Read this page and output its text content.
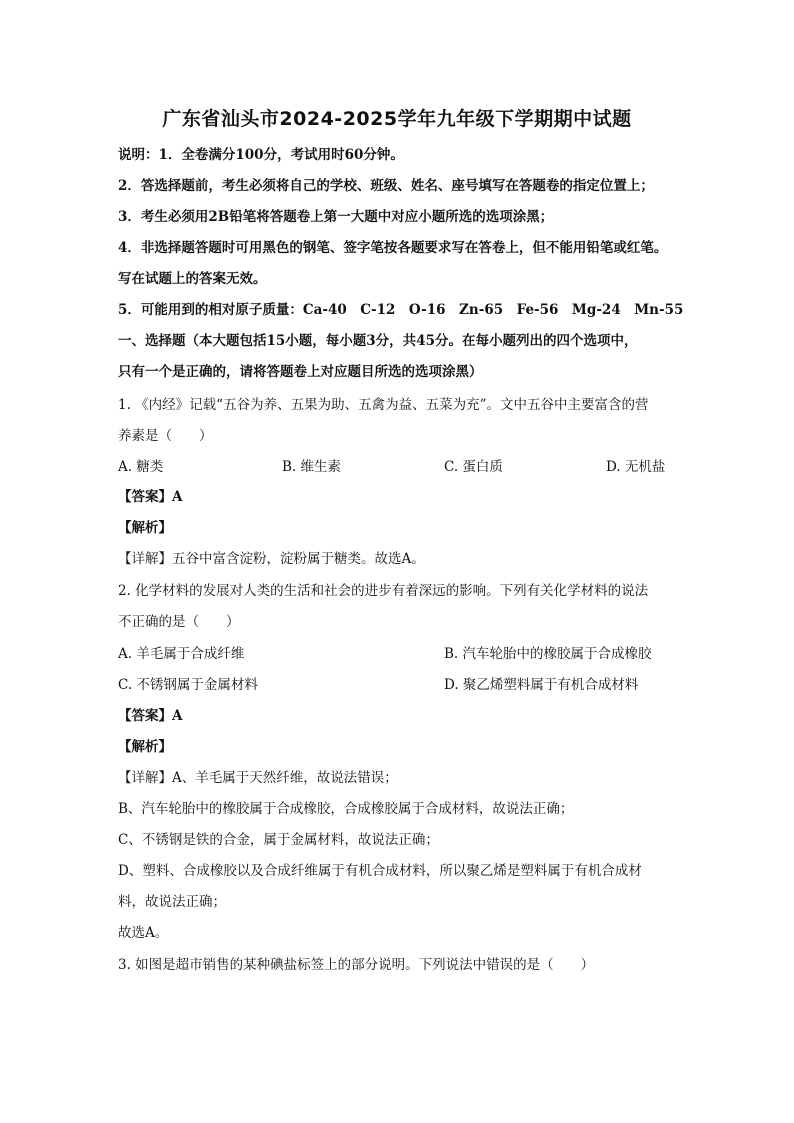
广东省汕头市2024-2025学年九年级下学期期中试题
说明：1．全卷满分100分，考试用时60分钟。
2．答选择题前，考生必须将自己的学校、班级、姓名、座号填写在答题卷的指定位置上；
3．考生必须用2B铅笔将答题卷上第一大题中对应小题所选的选项涂黑；
4．非选择题答题时可用黑色的钢笔、签字笔按各题要求写在答卷上，但不能用铅笔或红笔。
写在试题上的答案无效。
5．可能用到的相对原子质量：Ca-40　C-12　O-16　Zn-65　Fe-56　Mg-24　Mn-55
一、选择题（本大题包括15小题，每小题3分，共45分。在每小题列出的四个选项中，
只有一个是正确的，请将答题卷上对应题目所选的选项涂黑）
1. 《内经》记载“五谷为养、五果为助、五禽为益、五菜为充”。文中五谷中主要富含的营
养素是（　　）
A. 糖类	B. 维生素	C. 蛋白质	D. 无机盐
【答案】A
【解析】
【详解】五谷中富含淀粉，淀粉属于糖类。故选A。
2. 化学材料的发展对人类的生活和社会的进步有着深远的影响。下列有关化学材料的说法
不正确的是（　　）
A. 羊毛属于合成纤维	B. 汽车轮胎中的橡胶属于合成橡胶
C. 不锈钢属于金属材料	D. 聚乙烯塑料属于有机合成材料
【答案】A
【解析】
【详解】A、羊毛属于天然纤维，故说法错误；
B、汽车轮胎中的橡胶属于合成橡胶，合成橡胶属于合成材料，故说法正确；
C、不锈钢是铁的合金，属于金属材料，故说法正确；
D、塑料、合成橡胶以及合成纤维属于有机合成材料，所以聚乙烯是塑料属于有机合成材
料，故说法正确；
故选A。
3. 如图是超市销售的某种碘盐标签上的部分说明。下列说法中错误的是（　　）
